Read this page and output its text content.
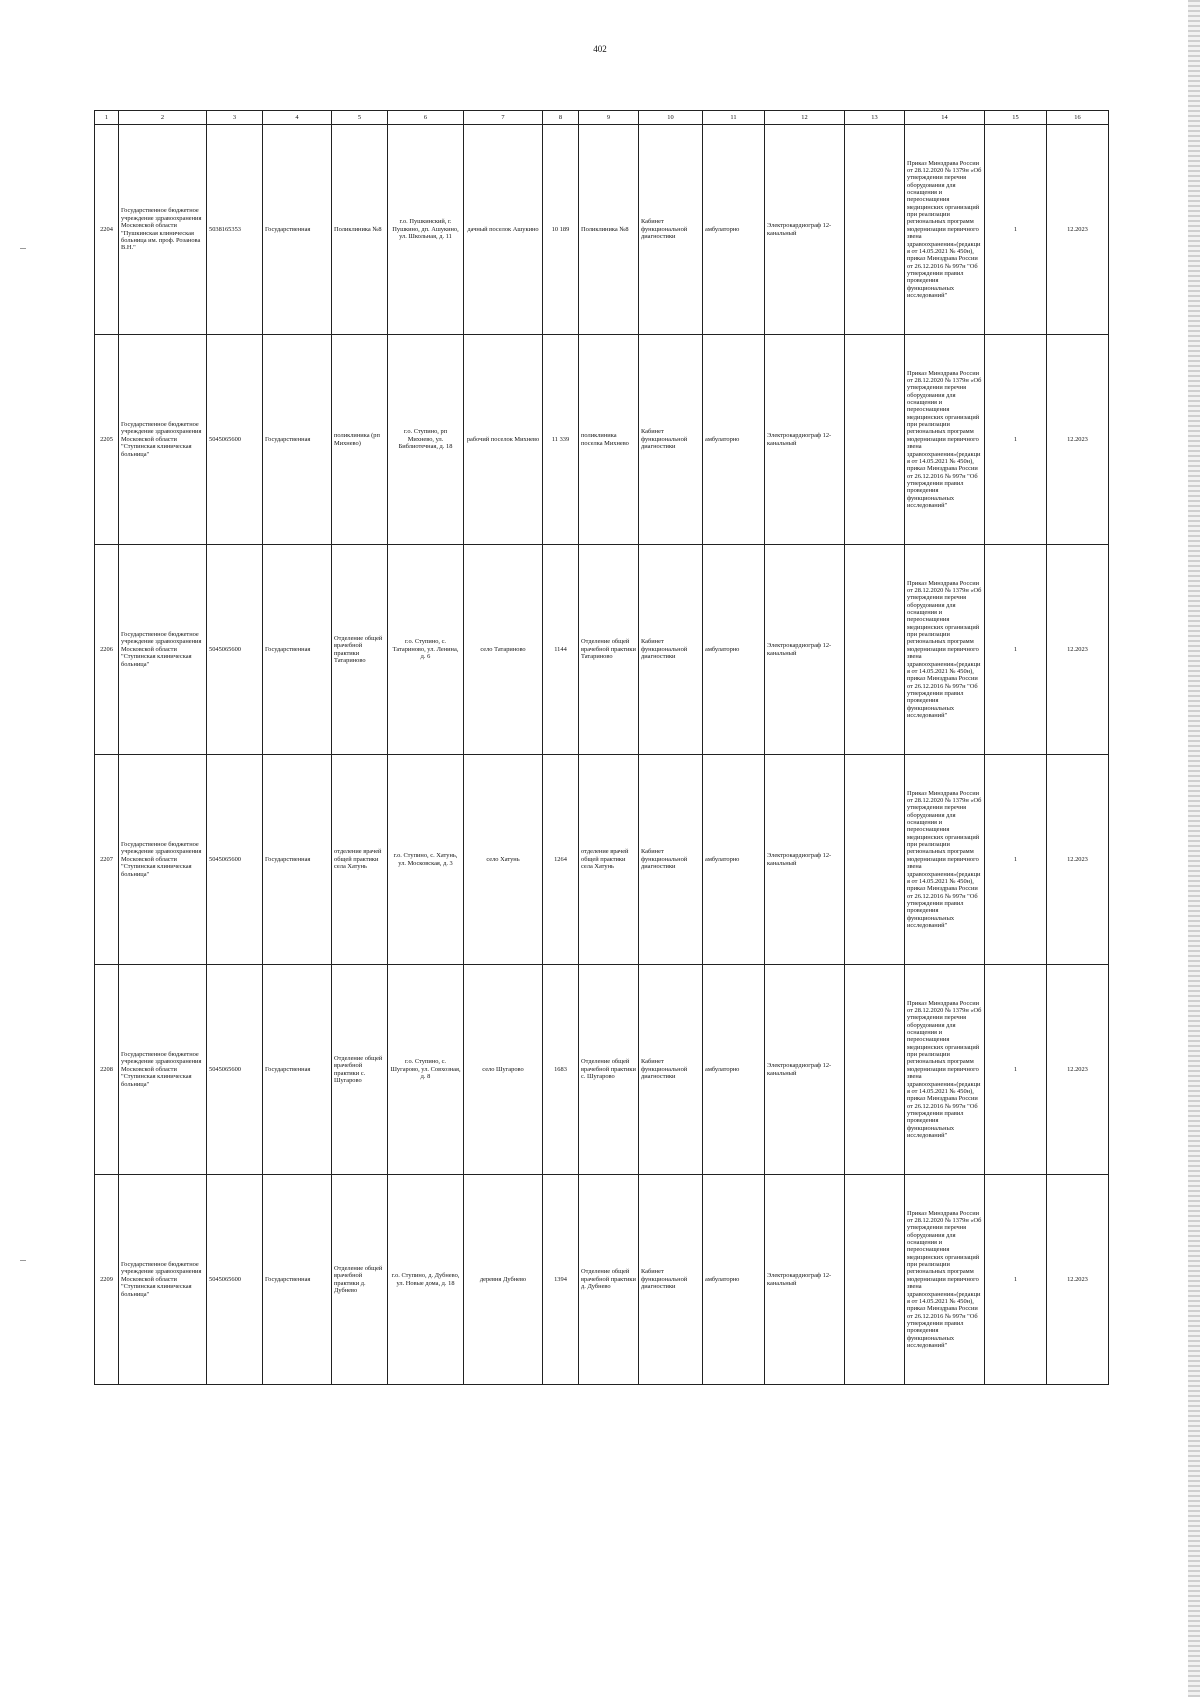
402
1	2	3	4	5	6	7	8	9	10	11	12	13	14	15	16
2204	Государственное бюджетное учреждение здравоохранения Московской области "Пушкинская клиническая больница им. проф. Розанова В.Н."	5038165353	Государственная	Поликлиника №8	г.о. Пушкинский, г. Пушкино, дп. Ашукино, ул. Школьная, д. 11	дачный поселок Ашукино	10 189	Поликлиника №8	Кабинет функциональной диагностики	амбулаторно	Электрокардиограф 12-канальный		Приказ Минздрава России от 28.12.2020 № 1379н «Об утверждении перечня оборудования для оснащения и переоснащения медицинских организаций при реализации региональных программ модернизации первичного звена здравоохранения»(редакция от 14.05.2021 № 450н), приказ Минздрава России от 26.12.2016 № 997н "Об утверждении правил проведения функциональных исследований"	1	12.2023
2205	Государственное бюджетное учреждение здравоохранения Московской области "Ступинская клиническая больница"	5045065600	Государственная	поликлиника (рп Михнево)	г.о. Ступино, рп Михнево, ул. Библиотечная, д. 18	рабочий поселок Михнево	11 339	поликлиника поселка Михнево	Кабинет функциональной диагностики	амбулаторно	Электрокардиограф 12-канальный		Приказ Минздрава России от 28.12.2020 № 1379н «Об утверждении перечня оборудования для оснащения и переоснащения медицинских организаций при реализации региональных программ модернизации первичного звена здравоохранения»(редакция от 14.05.2021 № 450н), приказ Минздрава России от 26.12.2016 № 997н "Об утверждении правил проведения функциональных исследований"	1	12.2023
2206	Государственное бюджетное учреждение здравоохранения Московской области "Ступинская клиническая больница"	5045065600	Государственная	Отделение общей врачебной практики Татариново	г.о. Ступино, с. Татариново, ул. Ленина, д. 6	село Татариново	1144	Отделение общей врачебной практики Татариново	Кабинет функциональной диагностики	амбулаторно	Электрокардиограф 12-канальный		Приказ Минздрава России от 28.12.2020 № 1379н «Об утверждении перечня оборудования для оснащения и переоснащения медицинских организаций при реализации региональных программ модернизации первичного звена здравоохранения»(редакция от 14.05.2021 № 450н), приказ Минздрава России от 26.12.2016 № 997н "Об утверждении правил проведения функциональных исследований"	1	12.2023
2207	Государственное бюджетное учреждение здравоохранения Московской области "Ступинская клиническая больница"	5045065600	Государственная	отделение врачей общей практики села Хатунь	г.о. Ступино, с. Хатунь, ул. Московская, д. 3	село Хатунь	1264	отделение врачей общей практики села Хатунь	Кабинет функциональной диагностики	амбулаторно	Электрокардиограф 12-канальный		Приказ Минздрава России от 28.12.2020 № 1379н «Об утверждении перечня оборудования для оснащения и переоснащения медицинских организаций при реализации региональных программ модернизации первичного звена здравоохранения»(редакция от 14.05.2021 № 450н), приказ Минздрава России от 26.12.2016 № 997н "Об утверждении правил проведения функциональных исследований"	1	12.2023
2208	Государственное бюджетное учреждение здравоохранения Московской области "Ступинская клиническая больница"	5045065600	Государственная	Отделение общей врачебной практики с. Шугарово	г.о. Ступино, с. Шугарово, ул. Совхозная, д. 8	село Шугарово	1683	Отделение общей врачебной практики с. Шугарово	Кабинет функциональной диагностики	амбулаторно	Электрокардиограф 12-канальный		Приказ Минздрава России от 28.12.2020 № 1379н «Об утверждении перечня оборудования для оснащения и переоснащения медицинских организаций при реализации региональных программ модернизации первичного звена здравоохранения»(редакция от 14.05.2021 № 450н), приказ Минздрава России от 26.12.2016 № 997н "Об утверждении правил проведения функциональных исследований"	1	12.2023
2209	Государственное бюджетное учреждение здравоохранения Московской области "Ступинская клиническая больница"	5045065600	Государственная	Отделение общей врачебной практики д. Дубнево	г.о. Ступино, д. Дубнево, ул. Новые дома, д. 18	деревня Дубнево	1394	Отделение общей врачебной практики д. Дубнево	Кабинет функциональной диагностики	амбулаторно	Электрокардиограф 12-канальный		Приказ Минздрава России от 28.12.2020 № 1379н «Об утверждении перечня оборудования для оснащения и переоснащения медицинских организаций при реализации региональных программ модернизации первичного звена здравоохранения»(редакция от 14.05.2021 № 450н), приказ Минздрава России от 26.12.2016 № 997н "Об утверждении правил проведения функциональных исследований"	1	12.2023
